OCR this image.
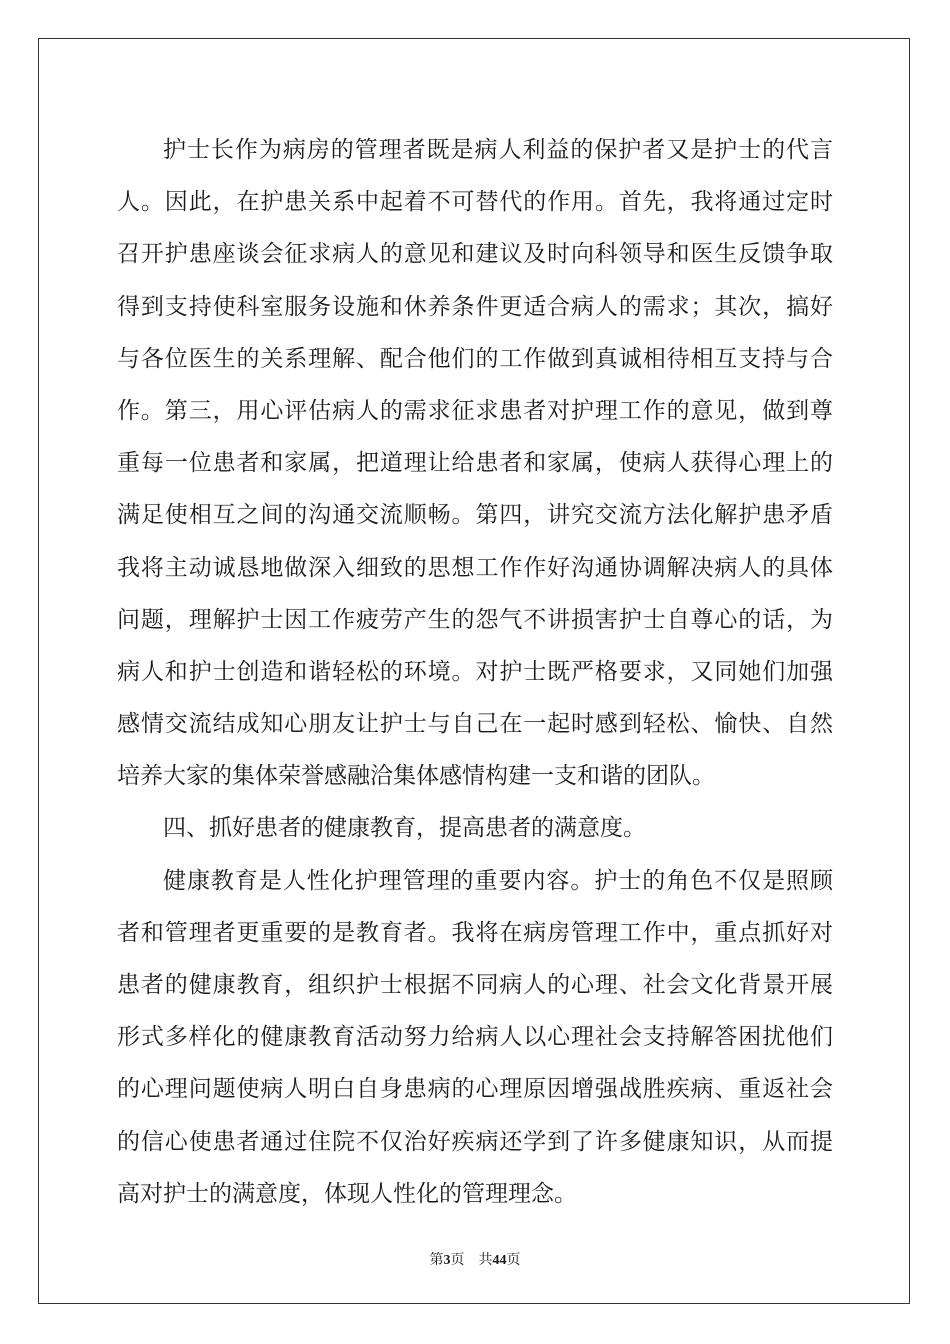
护士长作为病房的管理者既是病人利益的保护者又是护士的代言
人。因此，在护患关系中起着不可替代的作用。首先，我将通过定时
召开护患座谈会征求病人的意见和建议及时向科领导和医生反馈争取
得到支持使科室服务设施和休养条件更适合病人的需求；其次，搞好
与各位医生的关系理解、配合他们的工作做到真诚相待相互支持与合
作。第三，用心评估病人的需求征求患者对护理工作的意见，做到尊
重每一位患者和家属，把道理让给患者和家属，使病人获得心理上的
满足使相互之间的沟通交流顺畅。第四，讲究交流方法化解护患矛盾
我将主动诚恳地做深入细致的思想工作作好沟通协调解决病人的具体
问题，理解护士因工作疲劳产生的怨气不讲损害护士自尊心的话，为
病人和护士创造和谐轻松的环境。对护士既严格要求，又同她们加强
感情交流结成知心朋友让护士与自己在一起时感到轻松、愉快、自然
培养大家的集体荣誉感融洽集体感情构建一支和谐的团队。
四、抓好患者的健康教育，提高患者的满意度。
健康教育是人性化护理管理的重要内容。护士的角色不仅是照顾
者和管理者更重要的是教育者。我将在病房管理工作中，重点抓好对
患者的健康教育，组织护士根据不同病人的心理、社会文化背景开展
形式多样化的健康教育活动努力给病人以心理社会支持解答困扰他们
的心理问题使病人明白自身患病的心理原因增强战胜疾病、重返社会
的信心使患者通过住院不仅治好疾病还学到了许多健康知识，从而提
高对护士的满意度，体现人性化的管理理念。
第3页 共44页
